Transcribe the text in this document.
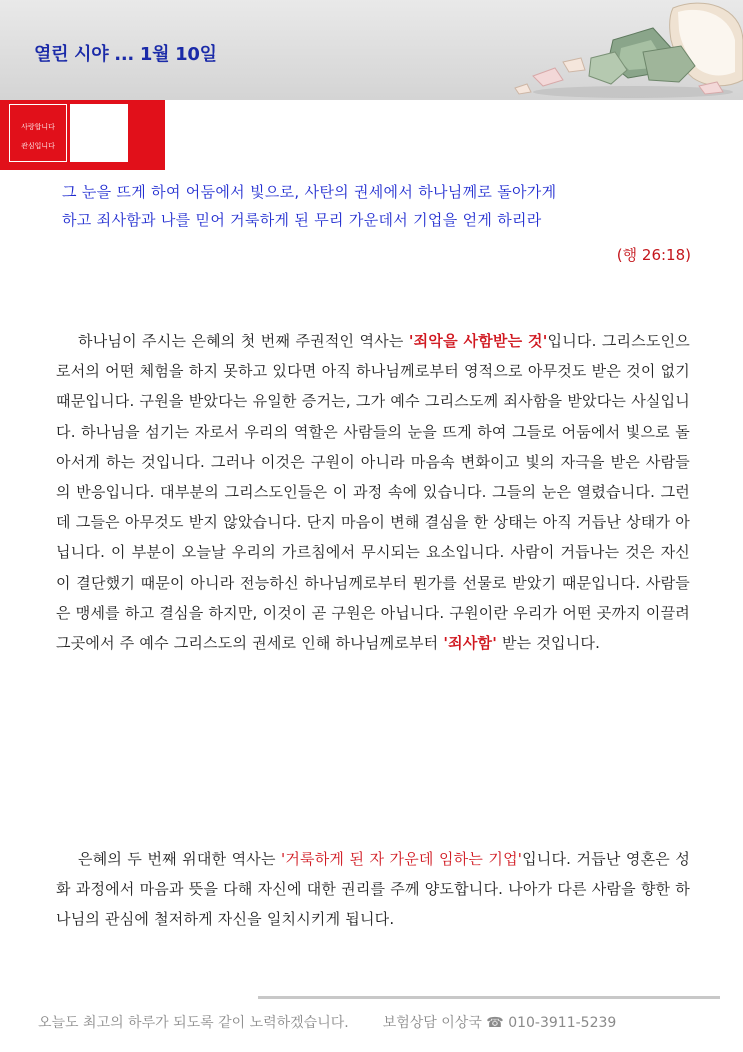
열린 시야 ... 1월 10일
사랑합니다
관심입니다
그 눈을 뜨게 하여 어둠에서 빛으로, 사탄의 권세에서 하나님께로 돌아가게
하고 죄사함과 나를 믿어 거룩하게 된 무리 가운데서 기업을 얻게 하리라
(행 26:18)
하나님이 주시는 은혜의 첫 번째 주권적인 역사는 '죄악을 사함받는 것'입니다. 그리스도인으로서의 어떤 체험을 하지 못하고 있다면 아직 하나님께로부터 영적으로 아무것도 받은 것이 없기 때문입니다. 구원을 받았다는 유일한 증거는, 그가 예수 그리스도께 죄사함을 받았다는 사실입니다. 하나님을 섬기는 자로서 우리의 역할은 사람들의 눈을 뜨게 하여 그들로 어둠에서 빛으로 돌아서게 하는 것입니다. 그러나 이것은 구원이 아니라 마음속 변화이고 빛의 자극을 받은 사람들의 반응입니다. 대부분의 그리스도인들은 이 과정 속에 있습니다. 그들의 눈은 열렸습니다. 그런데 그들은 아무것도 받지 않았습니다. 단지 마음이 변해 결심을 한 상태는 아직 거듭난 상태가 아닙니다. 이 부분이 오늘날 우리의 가르침에서 무시되는 요소입니다. 사람이 거듭나는 것은 자신이 결단했기 때문이 아니라 전능하신 하나님께로부터 뭔가를 선물로 받았기 때문입니다. 사람들은 맹세를 하고 결심을 하지만, 이것이 곧 구원은 아닙니다. 구원이란 우리가 어떤 곳까지 이끌려 그곳에서 주 예수 그리스도의 권세로 인해 하나님께로부터 '죄사함' 받는 것입니다.
은혜의 두 번째 위대한 역사는 '거룩하게 된 자 가운데 임하는 기업'입니다. 거듭난 영혼은 성화 과정에서 마음과 뜻을 다해 자신에 대한 권리를 주께 양도합니다. 나아가 다른 사람을 향한 하나님의 관심에 철저하게 자신을 일치시키게 됩니다.
오늘도 최고의 하루가 되도록 같이 노력하겠습니다. 보험상담 이상국 ☎ 010-3911-5239
